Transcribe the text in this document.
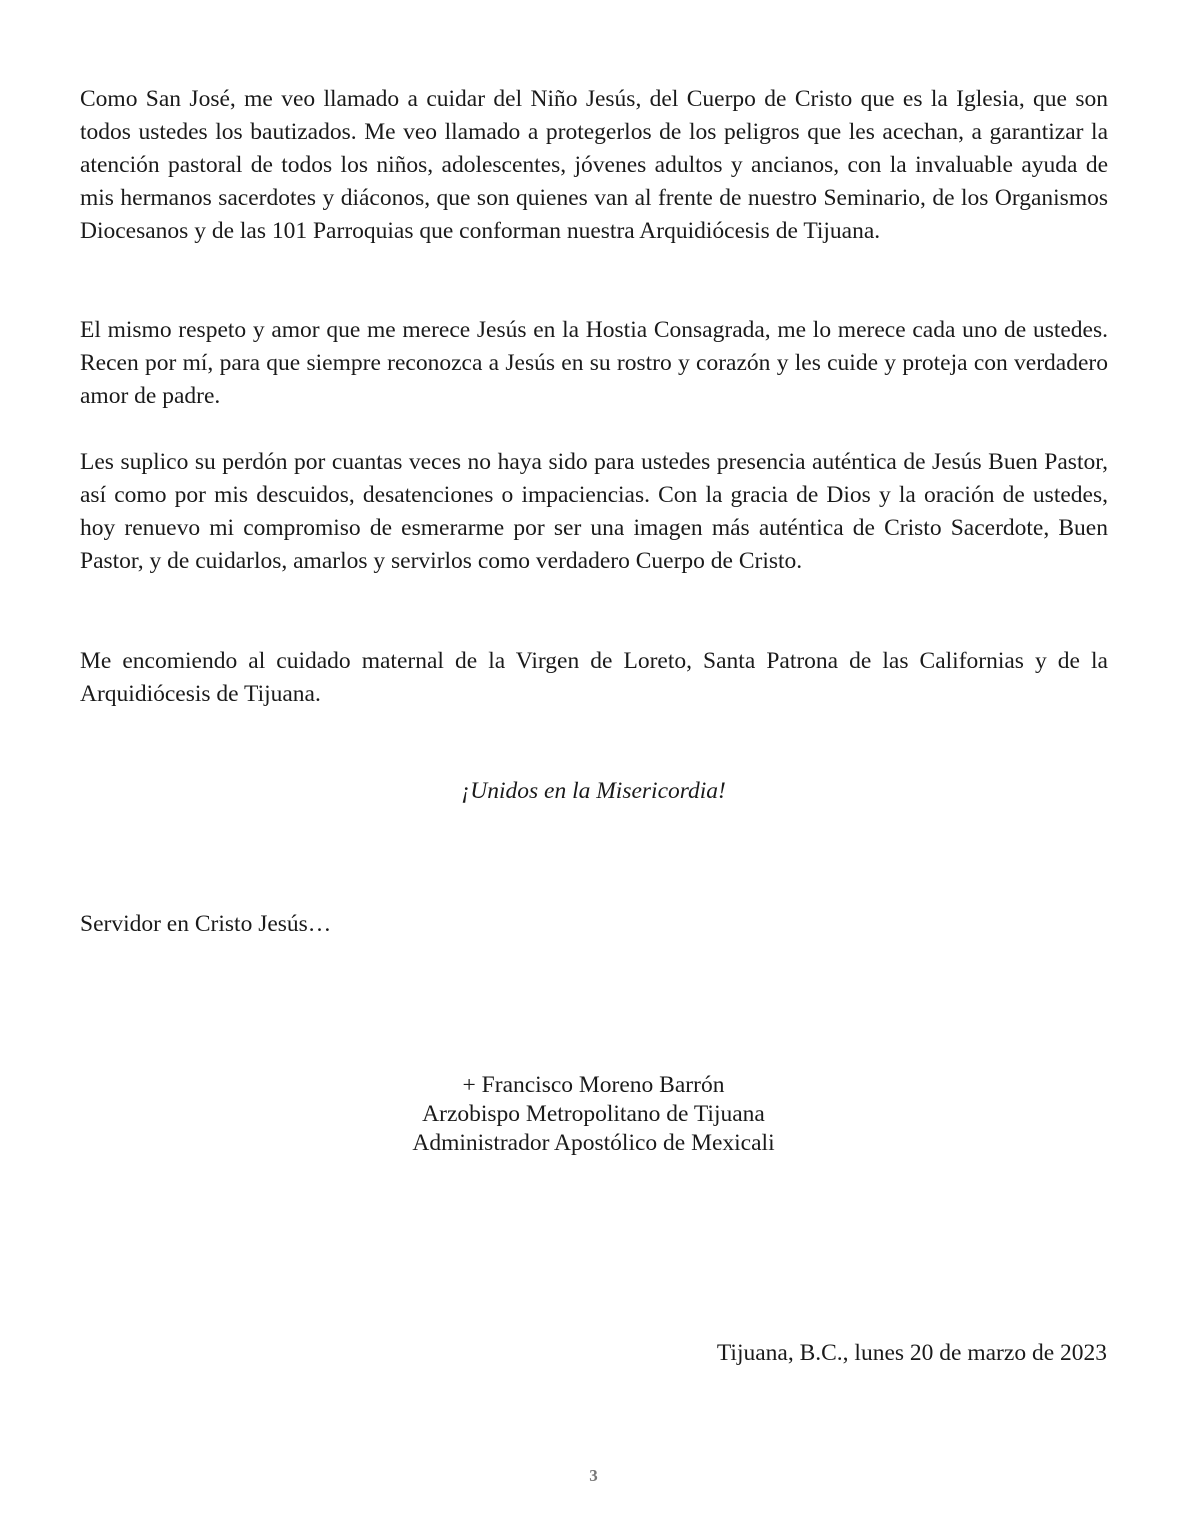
Como San José, me veo llamado a cuidar del Niño Jesús, del Cuerpo de Cristo que es la Iglesia, que son todos ustedes los bautizados. Me veo llamado a protegerlos de los peligros que les acechan, a garantizar la atención pastoral de todos los niños, adolescentes, jóvenes adultos y ancianos, con la invaluable ayuda de mis hermanos sacerdotes y diáconos, que son quienes van al frente de nuestro Seminario, de los Organismos Diocesanos y de las 101 Parroquias que conforman nuestra Arquidiócesis de Tijuana.

El mismo respeto y amor que me merece Jesús en la Hostia Consagrada, me lo merece cada uno de ustedes. Recen por mí, para que siempre reconozca a Jesús en su rostro y corazón y les cuide y proteja con verdadero amor de padre.

Les suplico su perdón por cuantas veces no haya sido para ustedes presencia auténtica de Jesús Buen Pastor, así como por mis descuidos, desatenciones o impaciencias. Con la gracia de Dios y la oración de ustedes, hoy renuevo mi compromiso de esmerarme por ser una imagen más auténtica de Cristo Sacerdote, Buen Pastor, y de cuidarlos, amarlos y servirlos como verdadero Cuerpo de Cristo.

Me encomiendo al cuidado maternal de la Virgen de Loreto, Santa Patrona de las Californias y de la Arquidiócesis de Tijuana.

¡Unidos en la Misericordia!

Servidor en Cristo Jesús…

+ Francisco Moreno Barrón
Arzobispo Metropolitano de Tijuana
Administrador Apostólico de Mexicali

Tijuana, B.C., lunes 20 de marzo de 2023

3
